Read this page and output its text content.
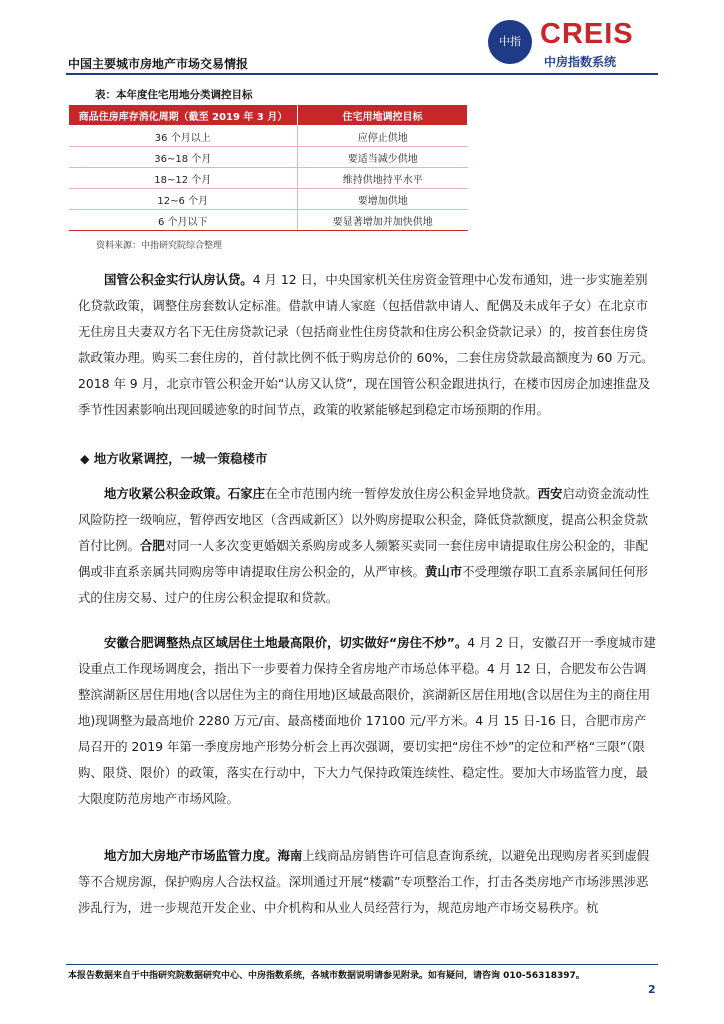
中国主要城市房地产市场交易情报
中指 CREIS
中房指数系统
表：本年度住宅用地分类调控目标
商品住房库存消化周期（截至 2019 年 3 月）	住宅用地调控目标
36 个月以上	应停止供地
36~18 个月	要适当减少供地
18~12 个月	维持供地持平水平
12~6 个月	要增加供地
6 个月以下	要显著增加并加快供地
资料来源：中指研究院综合整理

国管公积金实行认房认贷。4 月 12 日，中央国家机关住房资金管理中心发布通知，进一步实施差别化贷款政策，调整住房套数认定标准。借款申请人家庭（包括借款申请人、配偶及未成年子女）在北京市无住房且夫妻双方名下无住房贷款记录（包括商业性住房贷款和住房公积金贷款记录）的，按首套住房贷款政策办理。购买二套住房的，首付款比例不低于购房总价的 60%，二套住房贷款最高额度为 60 万元。2018 年 9 月，北京市管公积金开始“认房又认贷”，现在国管公积金跟进执行，在楼市因房企加速推盘及季节性因素影响出现回暖迹象的时间节点，政策的收紧能够起到稳定市场预期的作用。

◆ 地方收紧调控，一城一策稳楼市

地方收紧公积金政策。石家庄在全市范围内统一暂停发放住房公积金异地贷款。西安启动资金流动性风险防控一级响应，暂停西安地区（含西咸新区）以外购房提取公积金，降低贷款额度，提高公积金贷款首付比例。合肥对同一人多次变更婚姻关系购房或多人频繁买卖同一套住房申请提取住房公积金的，非配偶或非直系亲属共同购房等申请提取住房公积金的，从严审核。黄山市不受理缴存职工直系亲属间任何形式的住房交易、过户的住房公积金提取和贷款。

安徽合肥调整热点区域居住土地最高限价，切实做好“房住不炒”。4 月 2 日，安徽召开一季度城市建设重点工作现场调度会，指出下一步要着力保持全省房地产市场总体平稳。4 月 12 日，合肥发布公告调整滨湖新区居住用地(含以居住为主的商住用地)区域最高限价，滨湖新区居住用地(含以居住为主的商住用地)现调整为最高地价 2280 万元/亩、最高楼面地价 17100 元/平方米。4 月 15 日-16 日，合肥市房产局召开的 2019 年第一季度房地产形势分析会上再次强调，要切实把“房住不炒”的定位和严格“三限”（限购、限贷、限价）的政策，落实在行动中，下大力气保持政策连续性、稳定性。要加大市场监管力度，最大限度防范房地产市场风险。

地方加大房地产市场监管力度。海南上线商品房销售许可信息查询系统，以避免出现购房者买到虚假等不合规房源，保护购房人合法权益。深圳通过开展“楼霸”专项整治工作，打击各类房地产市场涉黑涉恶涉乱行为，进一步规范开发企业、中介机构和从业人员经营行为，规范房地产市场交易秩序。杭

本报告数据来自于中指研究院数据研究中心、中房指数系统，各城市数据说明请参见附录。如有疑问，请咨询 010-56318397。
2
